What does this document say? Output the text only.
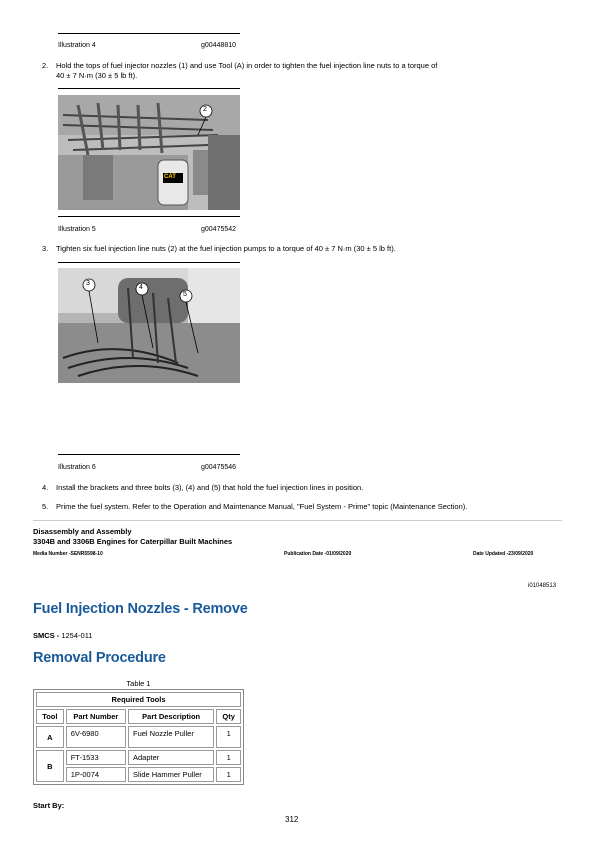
Illustration 4	g00448810
2. Hold the tops of fuel injector nozzles (1) and use Tool (A) in order to tighten the fuel injection line nuts to a torque of
40 ± 7 N·m (30 ± 5 lb ft).
2
CAT
Illustration 5	g00475542
3. Tighten six fuel injection line nuts (2) at the fuel injection pumps to a torque of 40 ± 7 N·m (30 ± 5 lb ft).
3
4
5
Illustration 6	g00475546
4. Install the brackets and three bolts (3), (4) and (5) that hold the fuel injection lines in position.
5. Prime the fuel system. Refer to the Operation and Maintenance Manual, "Fuel System - Prime" topic (Maintenance Section).
Disassembly and Assembly
3304B and 3306B Engines for Caterpillar Built Machines
Media Number -SENR5598-10	Publication Date -01/09/2020	Date Updated -23/09/2020
i01048513
Fuel Injection Nozzles - Remove
SMCS - 1254-011
Removal Procedure
Table 1
Required Tools			
Tool	Part Number	Part Description	Qty
A	6V-6980	Fuel Nozzle Puller	1
B	FT-1533	Adapter	1
	1P-0074	Slide Hammer Puller	1
Start By:
312
